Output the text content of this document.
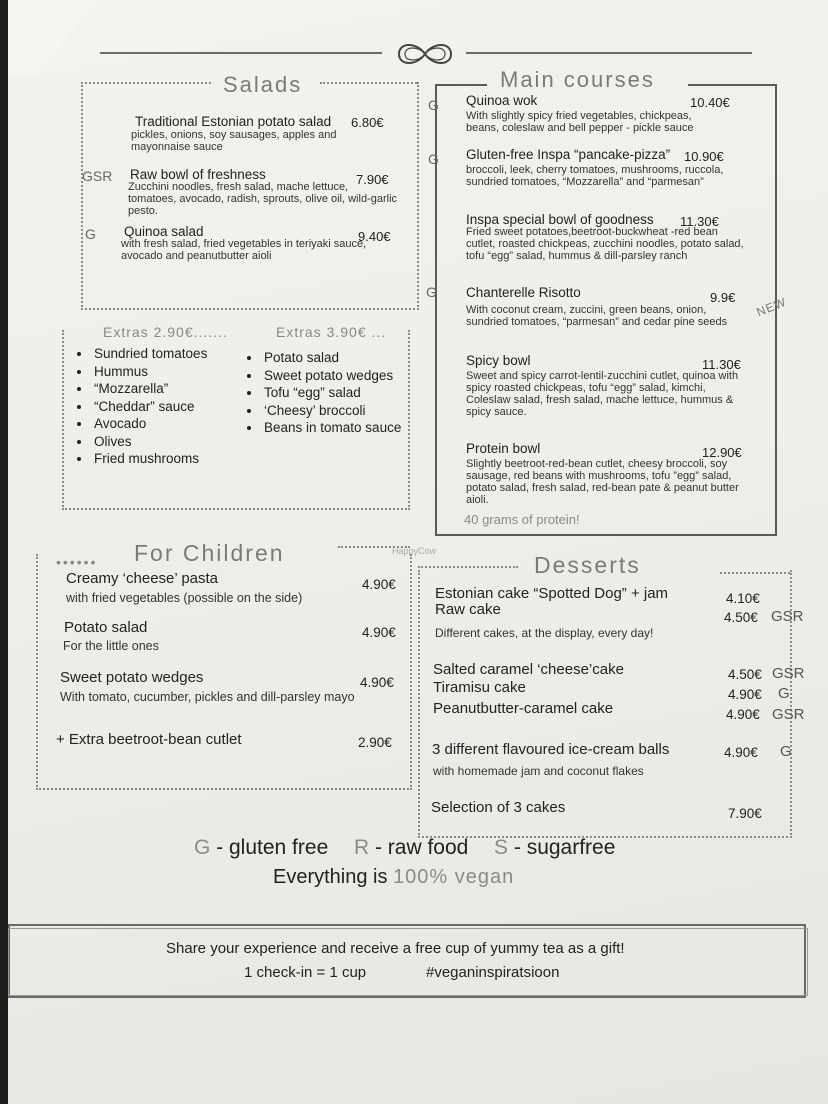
Salads
GSR
G
Traditional Estonian potato salad 6.80€
pickles, onions, soy sausages, apples and mayonnaise sauce
Raw bowl of freshness	7.90€
Zucchini noodles, fresh salad, mache lettuce, tomatoes, avocado, radish, sprouts, olive oil, wild-garlic pesto.
Quinoa salad	9.40€
with fresh salad, fried vegetables in teriyaki sauce, avocado and peanutbutter aioli
Extras 2.90€.......	Extras 3.90€ ...
• Sundried tomatoes
• Hummus
• “Mozzarella”
• “Cheddar” sauce
• Avocado
• Olives
• Fried mushrooms
• Potato salad
• Sweet potato wedges
• Tofu “egg” salad
• ‘Cheesy’ broccoli
• Beans in tomato sauce
Main courses
G
G
G
Quinoa wok	10.40€
With slightly spicy fried vegetables, chickpeas, beans, coleslaw and bell pepper - pickle sauce
Gluten-free Inspa “pancake-pizza” 10.90€
broccoli, leek, cherry tomatoes, mushrooms, ruccola, sundried tomatoes, “Mozzarella” and “parmesan”
Inspa special bowl of goodness 11.30€
Fried sweet potatoes,beetroot-buckwheat -red bean cutlet, roasted chickpeas, zucchini noodles, potato salad, tofu “egg” salad, hummus & dill-parsley ranch
Chanterelle Risotto	9.9€
With coconut cream, zuccini, green beans, onion, sundried tomatoes, “parmesan” and cedar pine seeds
NEW
Spicy bowl	11.30€
Sweet and spicy carrot-lentil-zucchini cutlet, quinoa with spicy roasted chickpeas, tofu “egg” salad, kimchi, Coleslaw salad, fresh salad, mache lettuce, hummus & spicy sauce.
Protein bowl	12.90€
Slightly beetroot-red-bean cutlet, cheesy broccoli, soy sausage, red beans with mushrooms, tofu ”egg” salad, potato salad, fresh salad, red-bean pate & peanut butter aioli.
40 grams of protein!
•••••• For Children	HappyCow
Creamy ‘cheese’ pasta	4.90€
with fried vegetables (possible on the side)
Potato salad	4.90€
For the little ones
Sweet potato wedges	4.90€
With tomato, cucumber, pickles and dill-parsley mayo
+ Extra beetroot-bean cutlet	2.90€
Desserts
Estonian cake “Spotted Dog” + jam	4.10€
Raw cake	4.50€ GSR
Different cakes, at the display, every day!
Salted caramel ‘cheese’cake	4.50€ GSR
Tiramisu cake	4.90€ G
Peanutbutter-caramel cake	4.90€ GSR
3 different flavoured ice-cream balls	4.90€ G
with homemade jam and coconut flakes
Selection of 3 cakes	7.90€
G - gluten free R - raw food S - sugarfree
Everything is 100% vegan
Share your experience and receive a free cup of yummy tea as a gift!
1 check-in = 1 cup	#veganinspiratsioon
